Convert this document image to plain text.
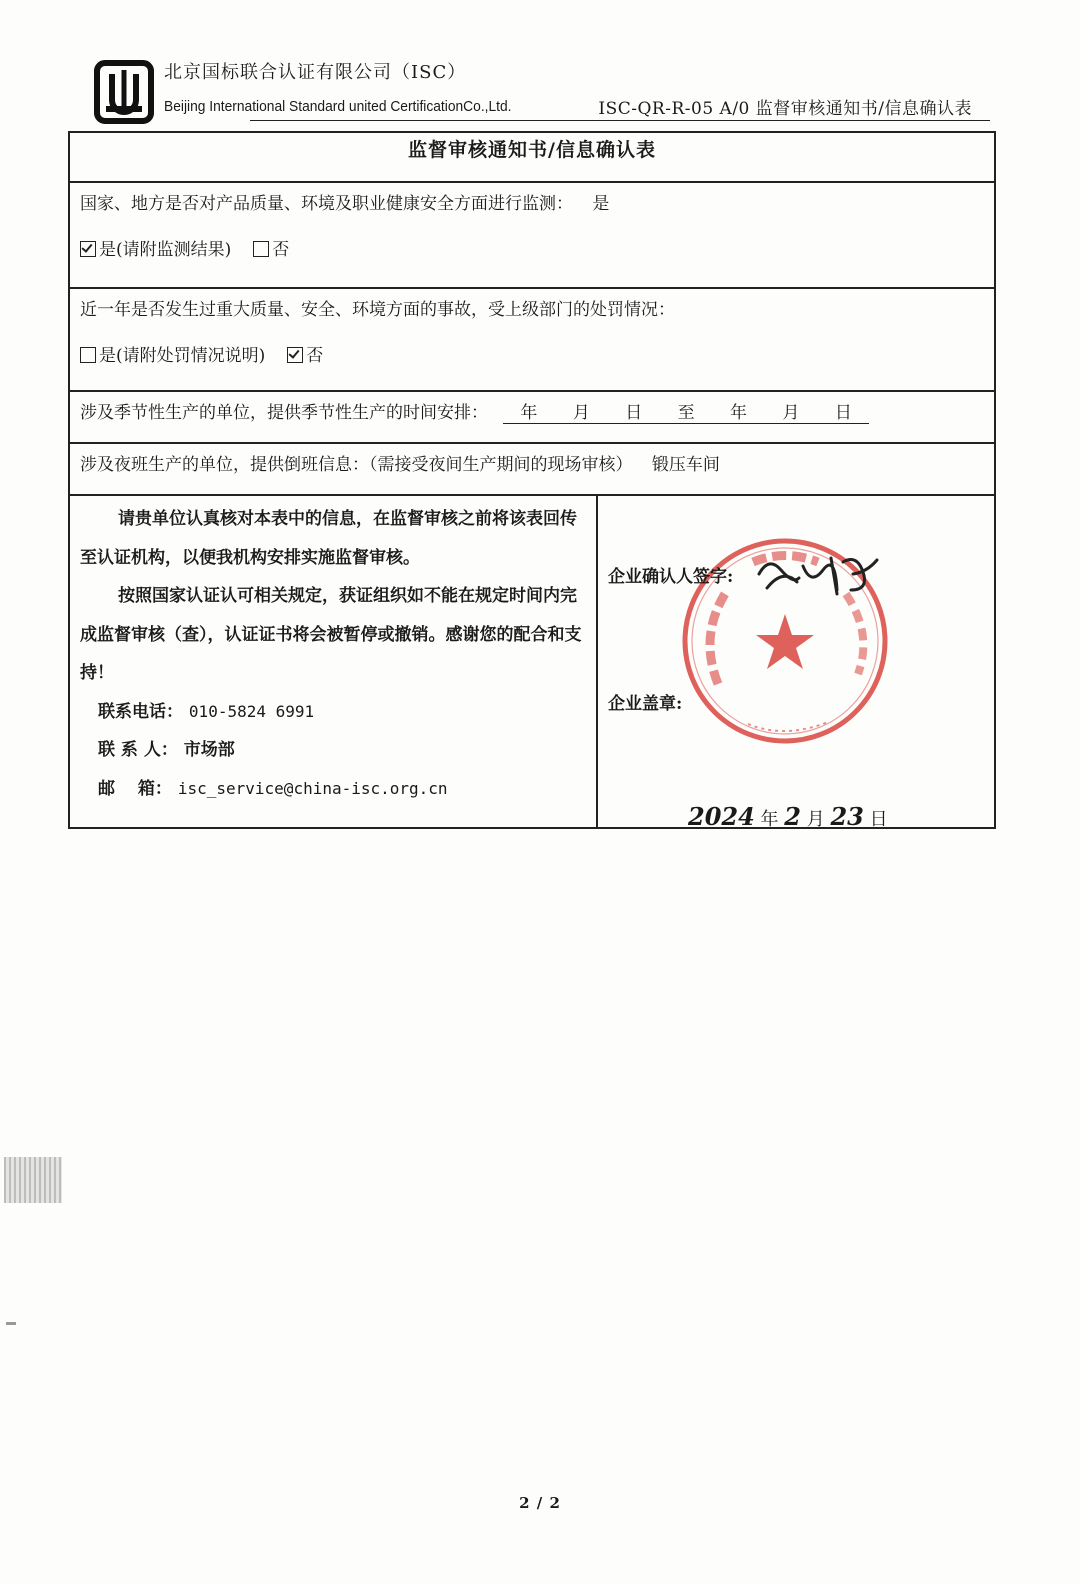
北京国标联合认证有限公司（ISC）
Beijing International Standard united CertificationCo.,Ltd.	ISC-QR-R-05 A/0 监督审核通知书/信息确认表
监督审核通知书/信息确认表
国家、地方是否对产品质量、环境及职业健康安全方面进行监测： 是
是(请附监测结果) 否
近一年是否发生过重大质量、安全、环境方面的事故，受上级部门的处罚情况：
是(请附处罚情况说明) 否
涉及季节性生产的单位，提供季节性生产的时间安排： 年 月 日 至 年 月 日
涉及夜班生产的单位，提供倒班信息：（需接受夜间生产期间的现场审核） 锻压车间

请贵单位认真核对本表中的信息，在监督审核之前将该表回传至认证机构，以便我机构安排实施监督审核。

按照国家认证认可相关规定，获证组织如不能在规定时间内完成监督审核（查），认证证书将会被暂停或撤销。感谢您的配合和支持！

联系电话： 010-5824 6991

联 系 人： 市场部

邮　 箱： isc_service@china-isc.org.cn

企业确认人签字:
企业盖章:
2024 年 2 月 23 日
2 / 2
